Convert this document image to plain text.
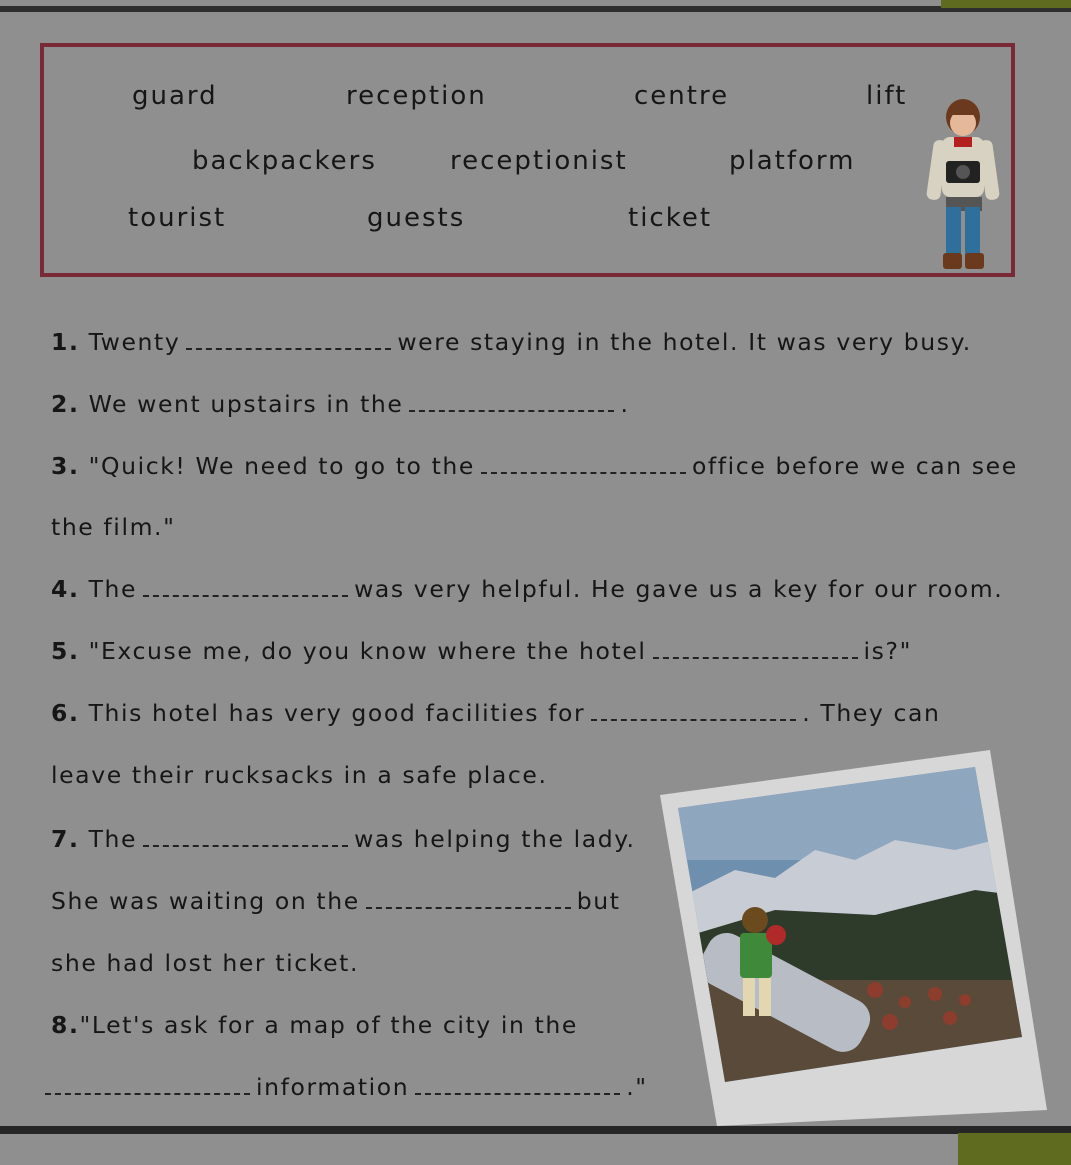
guard	reception	centre	lift
backpackers	receptionist	platform
tourist	guests	ticket
1. Twenty	were staying in the hotel. It was very busy.
2. We went upstairs in the	.
3. "Quick! We need to go to the	office before we can see
the film."
4. The	was very helpful. He gave us a key for our room.
5. "Excuse me, do you know where the hotel	is?"
6. This hotel has very good facilities for	. They can
leave their rucksacks in a safe place.
7. The	was helping the lady.
She was waiting on the	but
she had lost her ticket.
8."Let's ask for a map of the city in the
information	."
